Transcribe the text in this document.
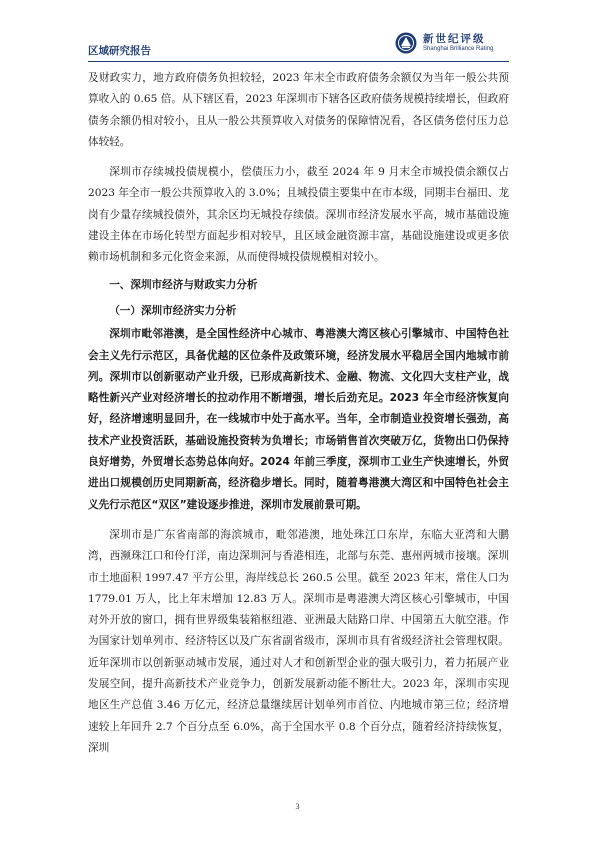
区域研究报告
新世纪评级
Shanghai Brilliance Rating

及财政实力，地方政府债务负担较轻，2023 年末全市政府债务余额仅为当年一般公共预算收入的 0.65 倍。从下辖区看，2023 年深圳市下辖各区政府债务规模持续增长，但政府债务余额仍相对较小，且从一般公共预算收入对债务的保障情况看，各区债务偿付压力总体较轻。

深圳市存续城投债规模小，偿债压力小，截至 2024 年 9 月末全市城投债余额仅占 2023 年全市一般公共预算收入的 3.0%；且城投债主要集中在市本级，同期丰台福田、龙岗有少量存续城投债外，其余区均无城投存续债。深圳市经济发展水平高，城市基础设施建设主体在市场化转型方面起步相对较早，且区域金融资源丰富，基础设施建设或更多依赖市场机制和多元化资金来源，从而使得城投债规模相对较小。

一、深圳市经济与财政实力分析
（一）深圳市经济实力分析

深圳市毗邻港澳，是全国性经济中心城市、粤港澳大湾区核心引擎城市、中国特色社会主义先行示范区，具备优越的区位条件及政策环境，经济发展水平稳居全国内地城市前列。深圳市以创新驱动产业升级，已形成高新技术、金融、物流、文化四大支柱产业，战略性新兴产业对经济增长的拉动作用不断增强，增长后劲充足。2023 年全市经济恢复向好，经济增速明显回升，在一线城市中处于高水平。当年，全市制造业投资增长强劲，高技术产业投资活跃，基础设施投资转为负增长；市场销售首次突破万亿，货物出口仍保持良好增势，外贸增长态势总体向好。2024 年前三季度，深圳市工业生产快速增长，外贸进出口规模创历史同期新高，经济稳步增长。同时，随着粤港澳大湾区和中国特色社会主义先行示范区“双区”建设逐步推进，深圳市发展前景可期。

深圳市是广东省南部的海滨城市，毗邻港澳，地处珠江口东岸，东临大亚湾和大鹏湾，西濒珠江口和伶仃洋，南边深圳河与香港相连，北部与东莞、惠州两城市接壤。深圳市土地面积 1997.47 平方公里，海岸线总长 260.5 公里。截至 2023 年末，常住人口为 1779.01 万人，比上年末增加 12.83 万人。深圳市是粤港澳大湾区核心引擎城市，中国对外开放的窗口，拥有世界级集装箱枢纽港、亚洲最大陆路口岸、中国第五大航空港。作为国家计划单列市、经济特区以及广东省副省级市，深圳市具有省级经济社会管理权限。近年深圳市以创新驱动城市发展，通过对人才和创新型企业的强大吸引力，着力拓展产业发展空间，提升高新技术产业竞争力，创新发展新动能不断壮大。2023 年，深圳市实现地区生产总值 3.46 万亿元，经济总量继续居计划单列市首位、内地城市第三位；经济增速较上年回升 2.7 个百分点至 6.0%，高于全国水平 0.8 个百分点，随着经济持续恢复，深圳

3
